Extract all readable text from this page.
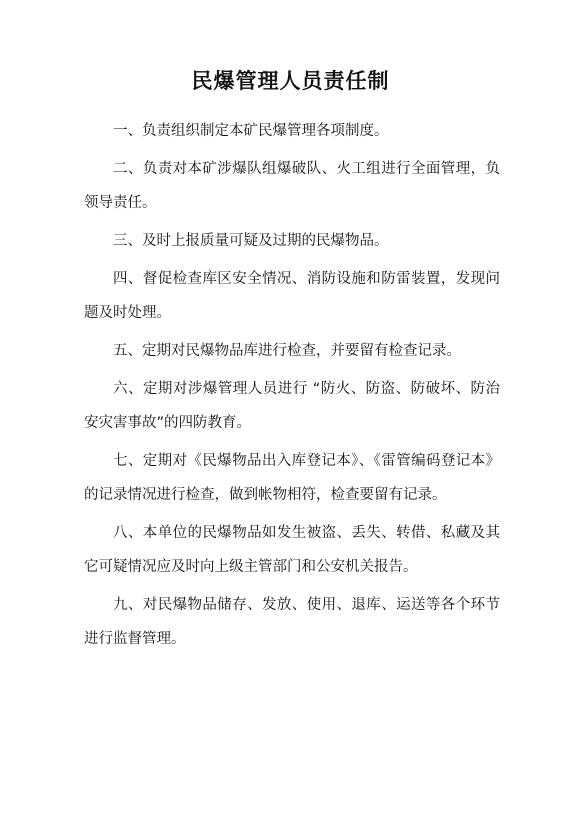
民爆管理人员责任制
一、负责组织制定本矿民爆管理各项制度。
二、负责对本矿涉爆队组爆破队、火工组进行全面管理，负领导责任。
三、及时上报质量可疑及过期的民爆物品。
四、督促检查库区安全情况、消防设施和防雷装置，发现问题及时处理。
五、定期对民爆物品库进行检查，并要留有检查记录。
六、定期对涉爆管理人员进行 “防火、防盗、防破坏、防治安灾害事故”的四防教育。
七、定期对《民爆物品出入库登记本》、《雷管编码登记本》的记录情况进行检查，做到帐物相符，检查要留有记录。
八、本单位的民爆物品如发生被盗、丢失、转借、私藏及其它可疑情况应及时向上级主管部门和公安机关报告。
九、对民爆物品储存、发放、使用、退库、运送等各个环节进行监督管理。
